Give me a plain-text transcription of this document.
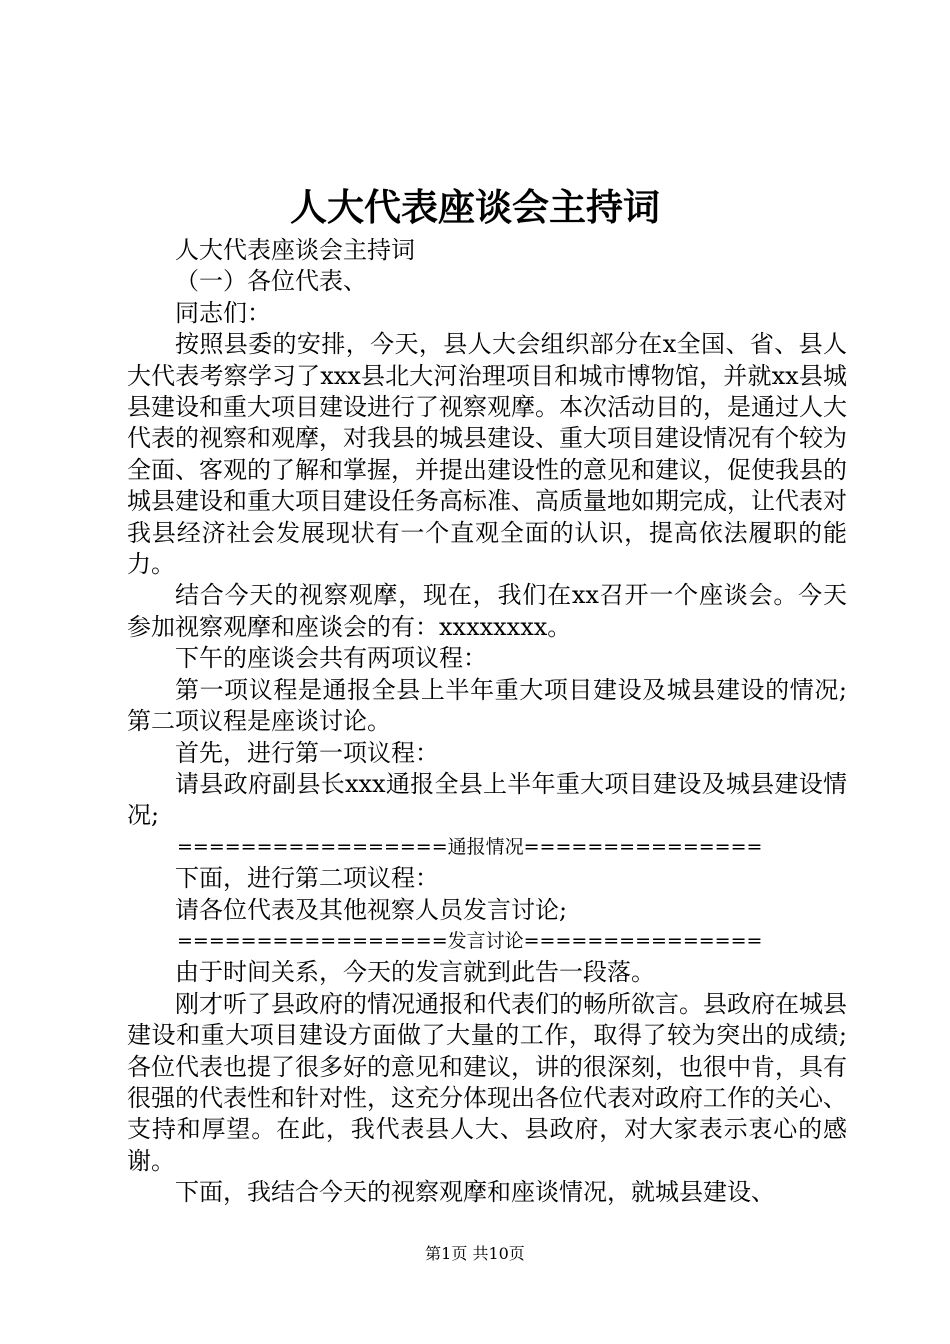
人大代表座谈会主持词

人大代表座谈会主持词

（一）各位代表、

同志们：

按照县委的安排，今天，县人大会组织部分在x全国、省、县人大代表考察学习了xxx县北大河治理项目和城市博物馆，并就xx县城县建设和重大项目建设进行了视察观摩。本次活动目的，是通过人大代表的视察和观摩，对我县的城县建设、重大项目建设情况有个较为全面、客观的了解和掌握，并提出建设性的意见和建议，促使我县的城县建设和重大项目建设任务高标准、高质量地如期完成，让代表对我县经济社会发展现状有一个直观全面的认识，提高依法履职的能力。

结合今天的视察观摩，现在，我们在xx召开一个座谈会。今天参加视察观摩和座谈会的有：xxxxxxxx。

下午的座谈会共有两项议程：

第一项议程是通报全县上半年重大项目建设及城县建设的情况;第二项议程是座谈讨论。

首先，进行第一项议程：

请县政府副县长xxx通报全县上半年重大项目建设及城县建设情况;

=================通报情况===============

下面，进行第二项议程：

请各位代表及其他视察人员发言讨论;

=================发言讨论===============

由于时间关系，今天的发言就到此告一段落。

刚才听了县政府的情况通报和代表们的畅所欲言。县政府在城县建设和重大项目建设方面做了大量的工作，取得了较为突出的成绩;各位代表也提了很多好的意见和建议，讲的很深刻，也很中肯，具有很强的代表性和针对性，这充分体现出各位代表对政府工作的关心、支持和厚望。在此，我代表县人大、县政府，对大家表示衷心的感谢。

下面，我结合今天的视察观摩和座谈情况，就城县建设、

第1页 共10页
